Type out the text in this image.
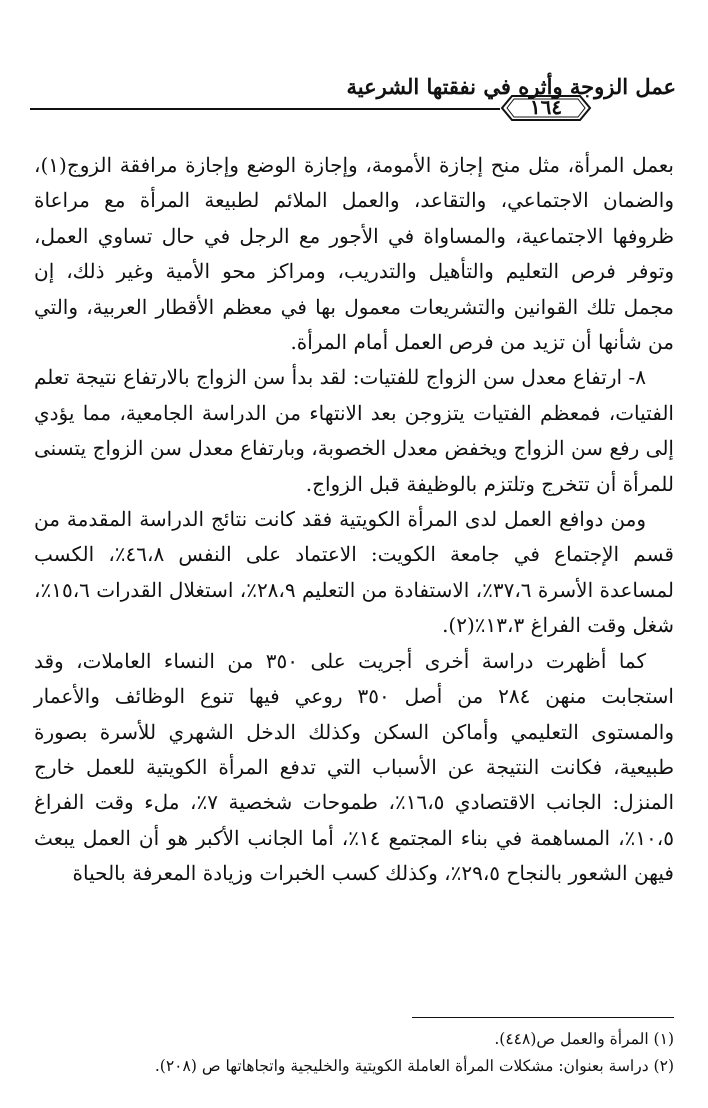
عمل الزوجة وأثره في نفقتها الشرعية
١٦٤

بعمل المرأة، مثل منح إجازة الأمومة، وإجازة الوضع وإجازة مرافقة الزوج(١)، والضمان الاجتماعي، والتقاعد، والعمل الملائم لطبيعة المرأة مع مراعاة ظروفها الاجتماعية، والمساواة في الأجور مع الرجل في حال تساوي العمل، وتوفر فرص التعليم والتأهيل والتدريب، ومراكز محو الأمية وغير ذلك، إن مجمل تلك القوانين والتشريعات معمول بها في معظم الأقطار العربية، والتي من شأنها أن تزيد من فرص العمل أمام المرأة.

٨- ارتفاع معدل سن الزواج للفتيات: لقد بدأ سن الزواج بالارتفاع نتيجة تعلم الفتيات، فمعظم الفتيات يتزوجن بعد الانتهاء من الدراسة الجامعية، مما يؤدي إلى رفع سن الزواج ويخفض معدل الخصوبة، وبارتفاع معدل سن الزواج يتسنى للمرأة أن تتخرج وتلتزم بالوظيفة قبل الزواج.

ومن دوافع العمل لدى المرأة الكويتية فقد كانت نتائج الدراسة المقدمة من قسم الإجتماع في جامعة الكويت: الاعتماد على النفس ٤٦،٨٪، الكسب لمساعدة الأسرة ٣٧،٦٪، الاستفادة من التعليم ٢٨،٩٪، استغلال القدرات ١٥،٦٪، شغل وقت الفراغ ١٣،٣٪(٢).

كما أظهرت دراسة أخرى أجريت على ٣٥٠ من النساء العاملات، وقد استجابت منهن ٢٨٤ من أصل ٣٥٠ روعي فيها تنوع الوظائف والأعمار والمستوى التعليمي وأماكن السكن وكذلك الدخل الشهري للأسرة بصورة طبيعية، فكانت النتيجة عن الأسباب التي تدفع المرأة الكويتية للعمل خارج المنزل: الجانب الاقتصادي ١٦،٥٪، طموحات شخصية ٧٪، ملء وقت الفراغ ١٠،٥٪، المساهمة في بناء المجتمع ١٤٪، أما الجانب الأكبر هو أن العمل يبعث فيهن الشعور بالنجاح ٢٩،٥٪، وكذلك كسب الخبرات وزيادة المعرفة بالحياة

(١) المرأة والعمل ص(٤٤٨).

(٢) دراسة بعنوان: مشكلات المرأة العاملة الكويتية والخليجية واتجاهاتها ص (٢٠٨).
